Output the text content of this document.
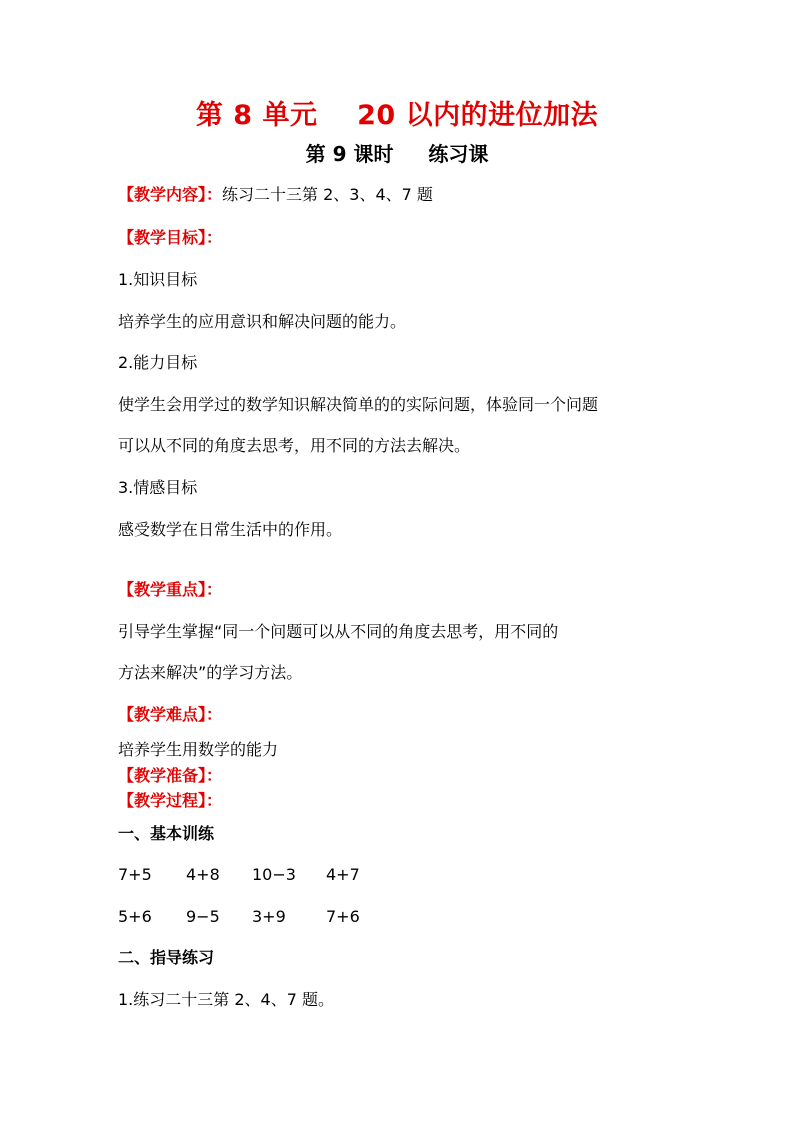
第 8 单元    20 以内的进位加法
第 9 课时     练习课
【教学内容】：练习二十三第 2、3、4、7 题
【教学目标】：
1.知识目标
培养学生的应用意识和解决问题的能力。
2.能力目标
使学生会用学过的数学知识解决简单的的实际问题，体验同一个问题
可以从不同的角度去思考，用不同的方法去解决。
3.情感目标
感受数学在日常生活中的作用。
【教学重点】：
引导学生掌握“同一个问题可以从不同的角度去思考，用不同的
方法来解决”的学习方法。
【教学难点】：
培养学生用数学的能力
【教学准备】：
【教学过程】：
一、基本训练
7+5	4+8	10−3	4+7
5+6	9−5	3+9	7+6
二、指导练习
1.练习二十三第 2、4、7 题。
